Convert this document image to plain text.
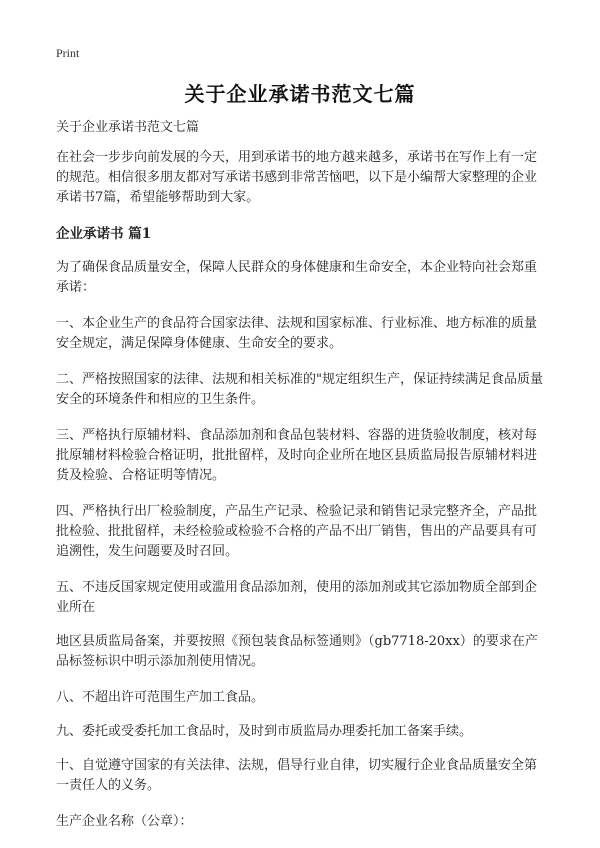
Print
关于企业承诺书范文七篇

关于企业承诺书范文七篇

在社会一步步向前发展的今天，用到承诺书的地方越来越多，承诺书在写作上有一定的规范。相信很多朋友都对写承诺书感到非常苦恼吧，以下是小编帮大家整理的企业承诺书7篇，希望能够帮助到大家。

企业承诺书 篇1

为了确保食品质量安全，保障人民群众的身体健康和生命安全，本企业特向社会郑重承诺：

一、本企业生产的食品符合国家法律、法规和国家标准、行业标准、地方标准的质量安全规定，满足保障身体健康、生命安全的要求。

二、严格按照国家的法律、法规和相关标准的"规定组织生产，保证持续满足食品质量安全的环境条件和相应的卫生条件。

三、严格执行原辅材料、食品添加剂和食品包装材料、容器的进货验收制度，核对每批原辅材料检验合格证明，批批留样，及时向企业所在地区县质监局报告原辅材料进货及检验、合格证明等情况。

四、严格执行出厂检验制度，产品生产记录、检验记录和销售记录完整齐全，产品批批检验、批批留样，未经检验或检验不合格的产品不出厂销售，售出的产品要具有可追溯性，发生问题要及时召回。

五、不违反国家规定使用或滥用食品添加剂，使用的添加剂或其它添加物质全部到企业所在

地区县质监局备案，并要按照《预包装食品标签通则》（gb7718-20xx）的要求在产品标签标识中明示添加剂使用情况。

八、不超出许可范围生产加工食品。

九、委托或受委托加工食品时，及时到市质监局办理委托加工备案手续。

十、自觉遵守国家的有关法律、法规，倡导行业自律，切实履行企业食品质量安全第一责任人的义务。

生产企业名称（公章）：
